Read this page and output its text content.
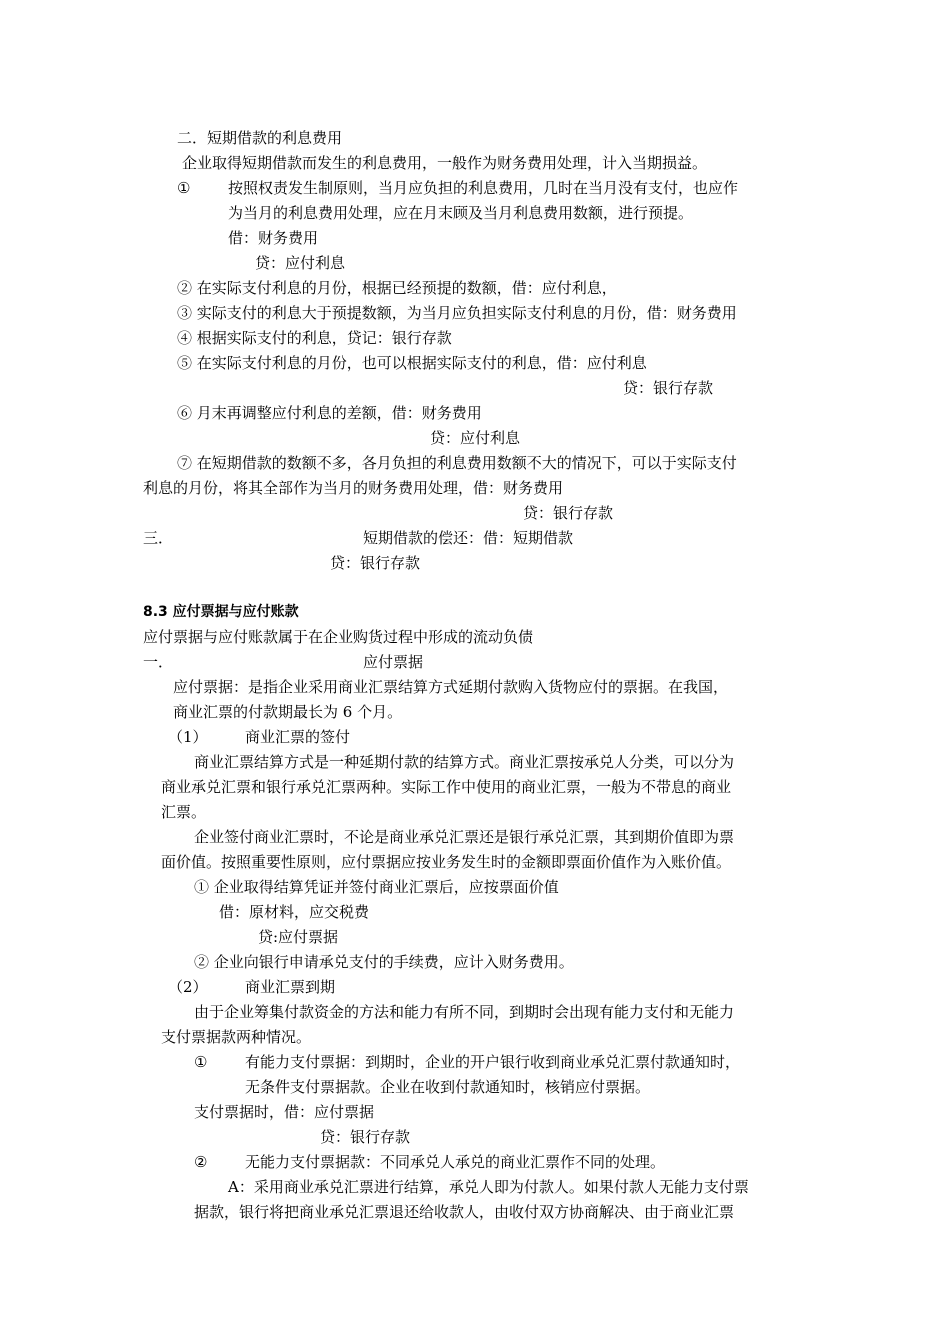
二．短期借款的利息费用
企业取得短期借款而发生的利息费用，一般作为财务费用处理，计入当期损益。
①	按照权责发生制原则，当月应负担的利息费用，几时在当月没有支付，也应作
为当月的利息费用处理，应在月末顾及当月利息费用数额，进行预提。
借：财务费用
贷：应付利息
② 在实际支付利息的月份，根据已经预提的数额，借：应付利息，
③ 实际支付的利息大于预提数额，为当月应负担实际支付利息的月份，借：财务费用
④ 根据实际支付的利息，贷记：银行存款
⑤ 在实际支付利息的月份，也可以根据实际支付的利息，借：应付利息
贷：银行存款
⑥ 月末再调整应付利息的差额，借：财务费用
贷：应付利息
⑦ 在短期借款的数额不多，各月负担的利息费用数额不大的情况下，可以于实际支付
利息的月份，将其全部作为当月的财务费用处理，借：财务费用
贷：银行存款
三．	短期借款的偿还：借：短期借款
贷：银行存款
8.3 应付票据与应付账款
应付票据与应付账款属于在企业购货过程中形成的流动负债
一．	应付票据
应付票据：是指企业采用商业汇票结算方式延期付款购入货物应付的票据。在我国，
商业汇票的付款期最长为 6 个月。
（1） 商业汇票的签付
商业汇票结算方式是一种延期付款的结算方式。商业汇票按承兑人分类，可以分为
商业承兑汇票和银行承兑汇票两种。实际工作中使用的商业汇票，一般为不带息的商业
汇票。
企业签付商业汇票时，不论是商业承兑汇票还是银行承兑汇票，其到期价值即为票
面价值。按照重要性原则，应付票据应按业务发生时的金额即票面价值作为入账价值。
① 企业取得结算凭证并签付商业汇票后，应按票面价值
借：原材料，应交税费
贷:应付票据
② 企业向银行申请承兑支付的手续费，应计入财务费用。
（2） 商业汇票到期
由于企业筹集付款资金的方法和能力有所不同，到期时会出现有能力支付和无能力
支付票据款两种情况。
①	有能力支付票据：到期时，企业的开户银行收到商业承兑汇票付款通知时，
无条件支付票据款。企业在收到付款通知时，核销应付票据。
支付票据时，借：应付票据
贷：银行存款
②	无能力支付票据款：不同承兑人承兑的商业汇票作不同的处理。
A：采用商业承兑汇票进行结算，承兑人即为付款人。如果付款人无能力支付票
据款，银行将把商业承兑汇票退还给收款人，由收付双方协商解决、由于商业汇票
